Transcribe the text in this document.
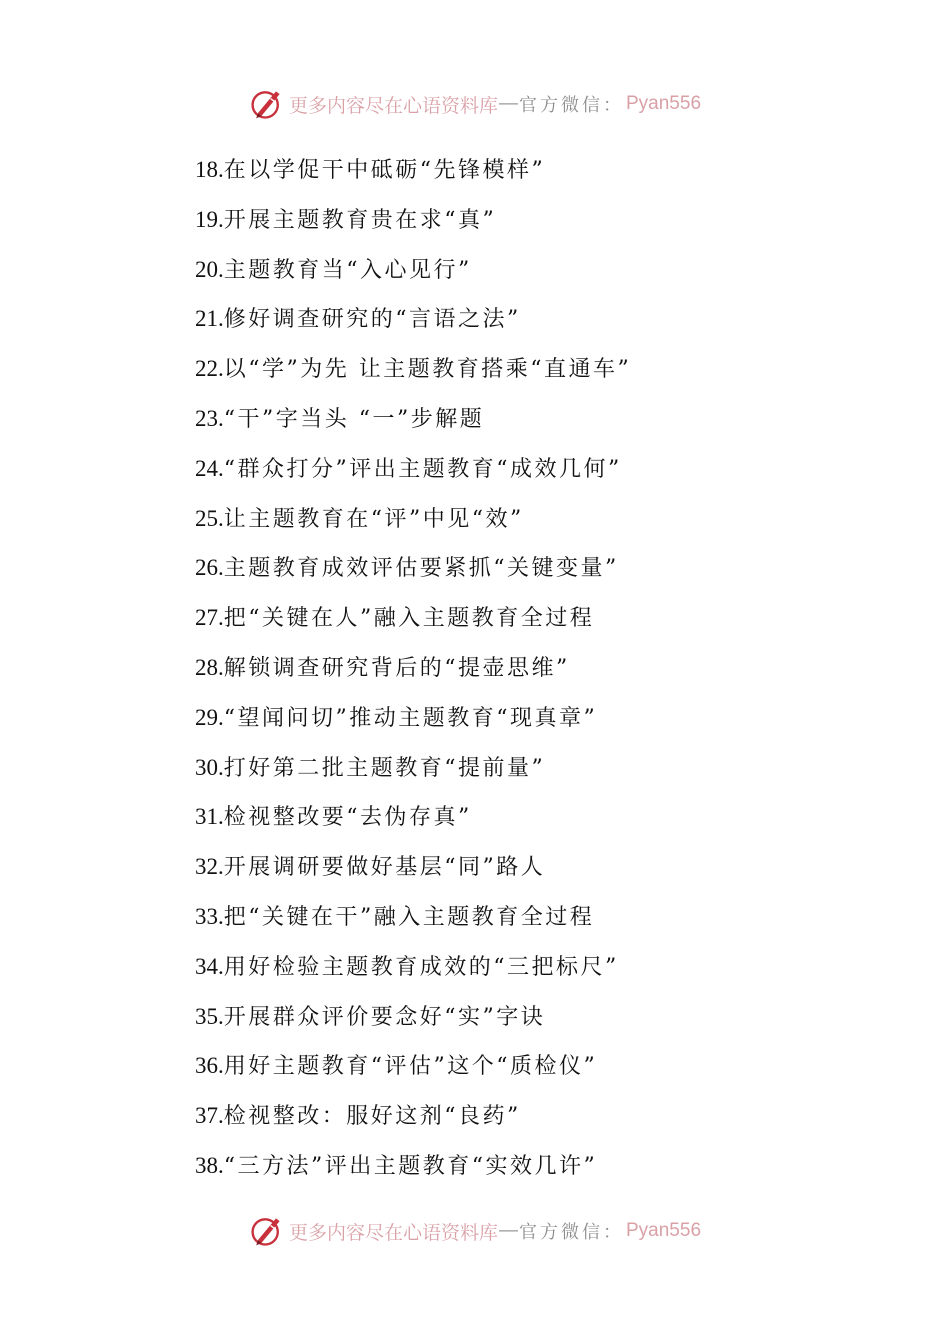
更多内容尽在心语资料库 — 官方微信： Pyan556
18.在以学促干中砥砺“先锋模样”
19.开展主题教育贵在求“真”
20.主题教育当“入心见行”
21.修好调查研究的“言语之法”
22.以“学”为先 让主题教育搭乘“直通车”
23.“干”字当头 “一”步解题
24.“群众打分”评出主题教育“成效几何”
25.让主题教育在“评”中见“效”
26.主题教育成效评估要紧抓“关键变量”
27.把“关键在人”融入主题教育全过程
28.解锁调查研究背后的“提壶思维”
29.“望闻问切”推动主题教育“现真章”
30.打好第二批主题教育“提前量”
31.检视整改要“去伪存真”
32.开展调研要做好基层“同”路人
33.把“关键在干”融入主题教育全过程
34.用好检验主题教育成效的“三把标尺”
35.开展群众评价要念好“实”字诀
36.用好主题教育“评估”这个“质检仪”
37.检视整改：服好这剂“良药”
38.“三方法”评出主题教育“实效几许”
更多内容尽在心语资料库 — 官方微信： Pyan556
